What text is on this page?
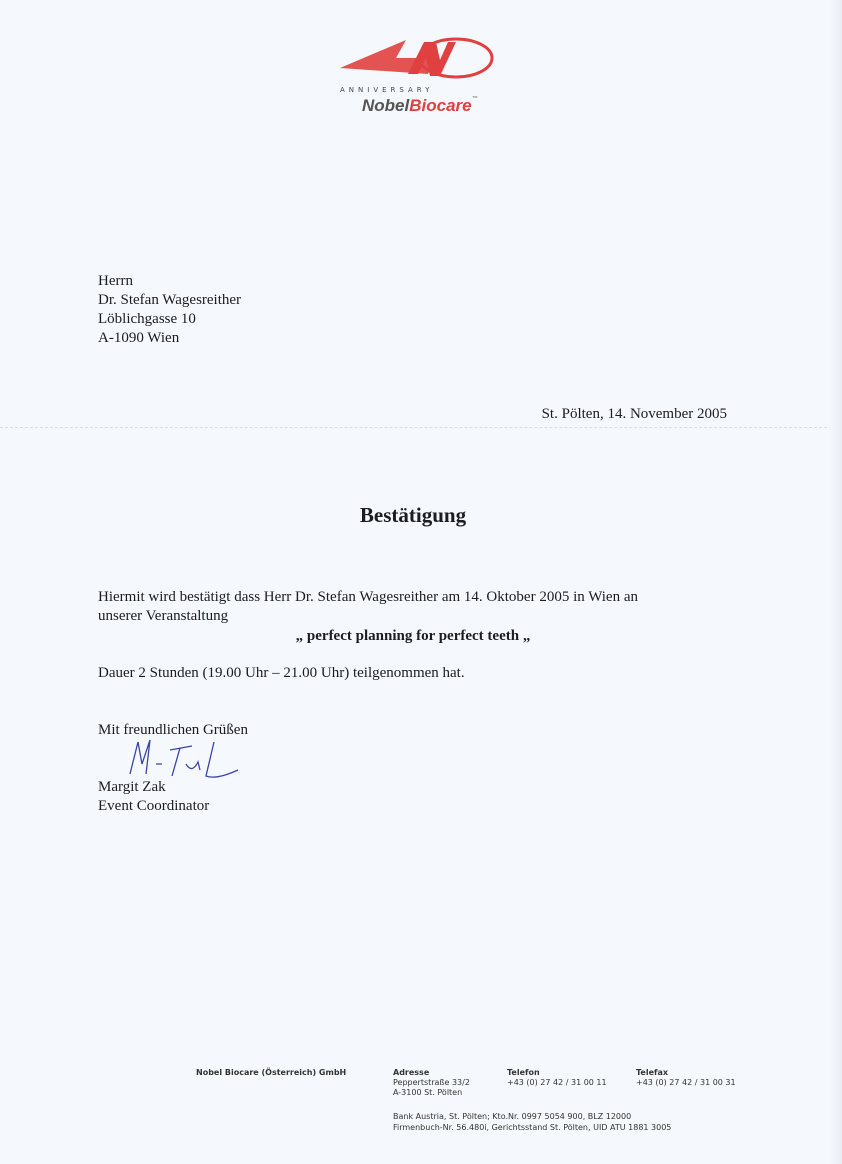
ANNIVERSARY
NobelBiocare™
Herrn
Dr. Stefan Wagesreither
Löblichgasse 10
A-1090 Wien
St. Pölten, 14. November 2005
Bestätigung
Hiermit wird bestätigt dass Herr Dr. Stefan Wagesreither am 14. Oktober 2005 in Wien an
unserer Veranstaltung
„ perfect planning for perfect teeth „
Dauer 2 Stunden (19.00 Uhr – 21.00 Uhr) teilgenommen hat.
Mit freundlichen Grüßen
Margit Zak
Event Coordinator
Nobel Biocare (Österreich) GmbH	Adresse
Peppertstraße 33/2
A-3100 St. Pölten
Telefon
+43 (0) 27 42 / 31 00 11
Telefax
+43 (0) 27 42 / 31 00 31
Bank Austria, St. Pölten; Kto.Nr. 0997 5054 900, BLZ 12000
Firmenbuch-Nr. 56.480i, Gerichtsstand St. Pölten, UID ATU 1881 3005
